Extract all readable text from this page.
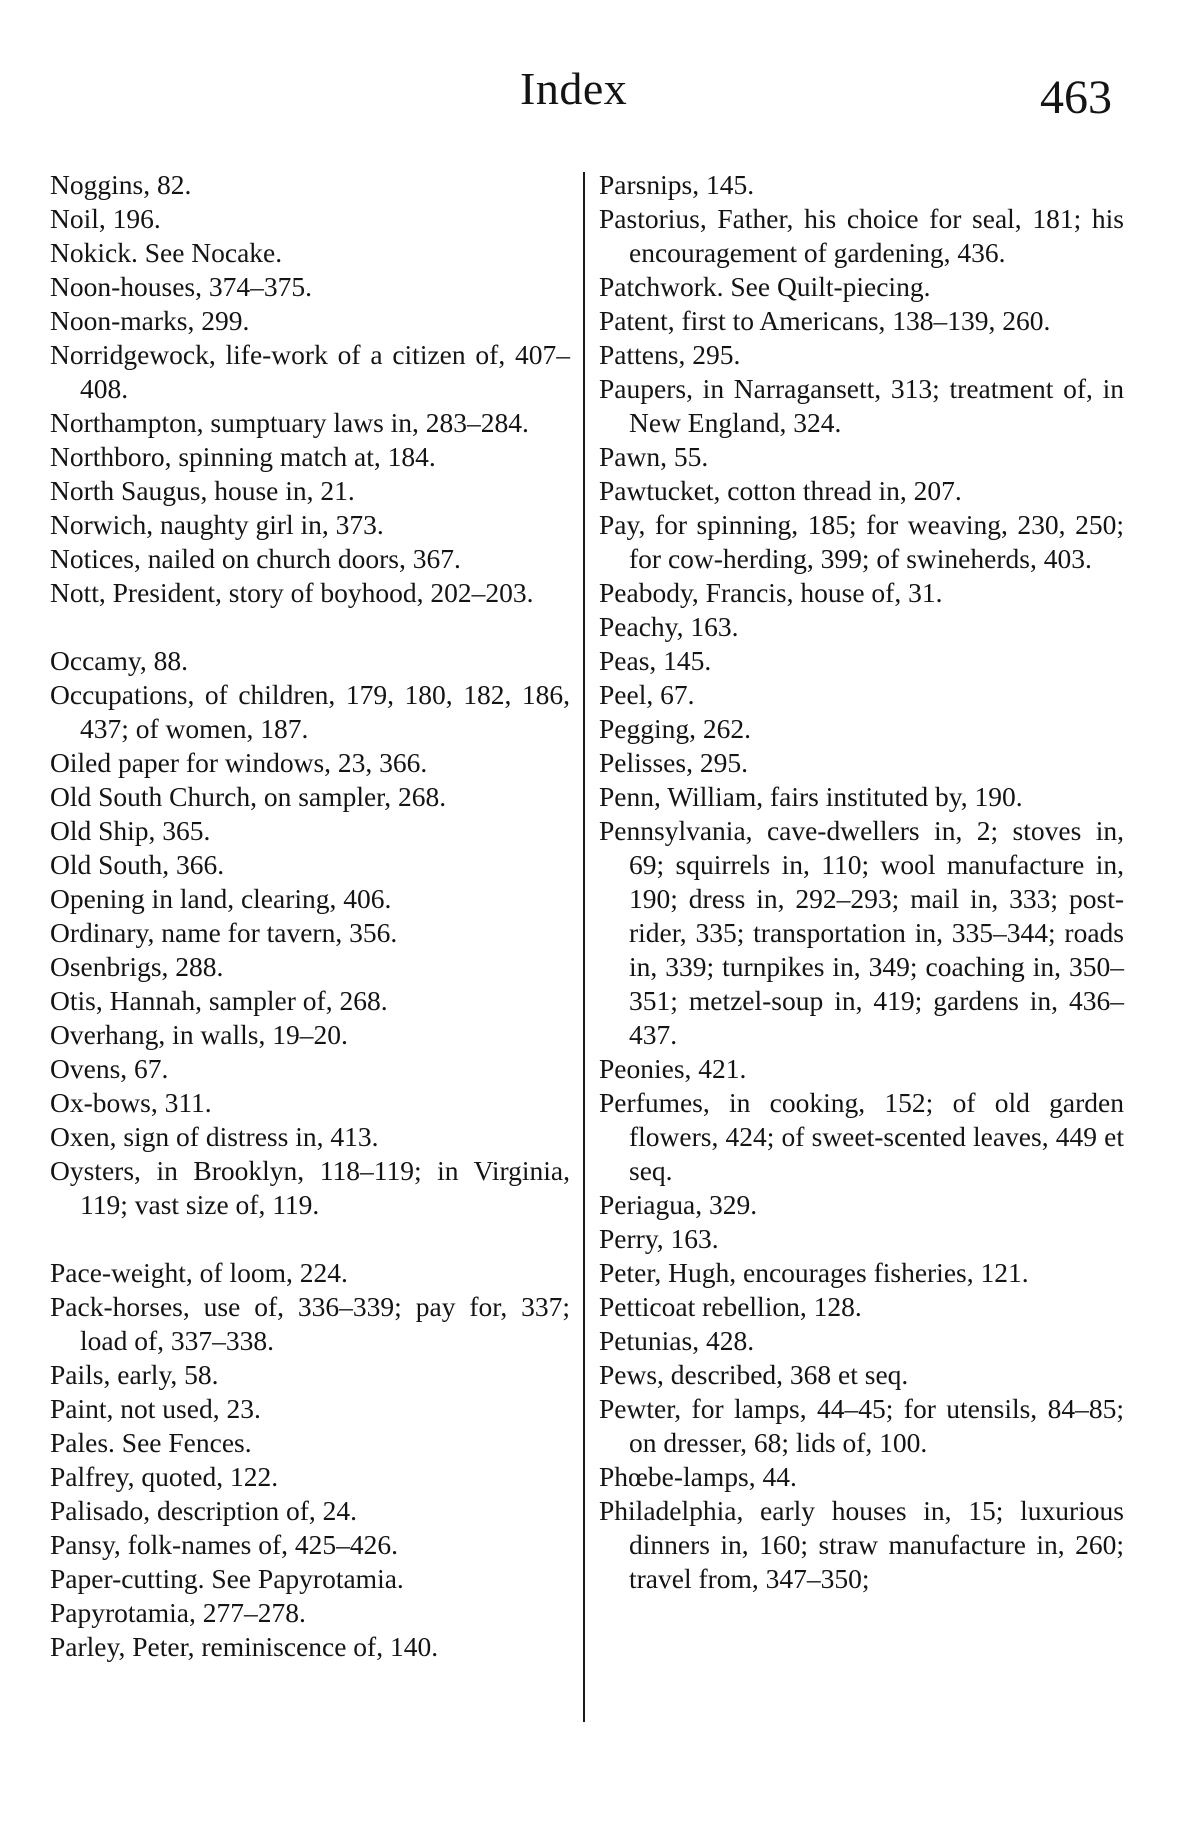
Index	463
Noggins, 82.
Noil, 196.
Nokick. See Nocake.
Noon-houses, 374–375.
Noon-marks, 299.
Norridgewock, life-work of a citizen of, 407–408.
Northampton, sumptuary laws in, 283–284.
Northboro, spinning match at, 184.
North Saugus, house in, 21.
Norwich, naughty girl in, 373.
Notices, nailed on church doors, 367.
Nott, President, story of boyhood, 202–203.
Occamy, 88.
Occupations, of children, 179, 180, 182, 186, 437; of women, 187.
Oiled paper for windows, 23, 366.
Old South Church, on sampler, 268.
Old Ship, 365.
Old South, 366.
Opening in land, clearing, 406.
Ordinary, name for tavern, 356.
Osenbrigs, 288.
Otis, Hannah, sampler of, 268.
Overhang, in walls, 19–20.
Ovens, 67.
Ox-bows, 311.
Oxen, sign of distress in, 413.
Oysters, in Brooklyn, 118–119; in Virginia, 119; vast size of, 119.
Pace-weight, of loom, 224.
Pack-horses, use of, 336–339; pay for, 337; load of, 337–338.
Pails, early, 58.
Paint, not used, 23.
Pales. See Fences.
Palfrey, quoted, 122.
Palisado, description of, 24.
Pansy, folk-names of, 425–426.
Paper-cutting. See Papyrotamia.
Papyrotamia, 277–278.
Parley, Peter, reminiscence of, 140.
Parsnips, 145.
Pastorius, Father, his choice for seal, 181; his encouragement of gardening, 436.
Patchwork. See Quilt-piecing.
Patent, first to Americans, 138–139, 260.
Pattens, 295.
Paupers, in Narragansett, 313; treatment of, in New England, 324.
Pawn, 55.
Pawtucket, cotton thread in, 207.
Pay, for spinning, 185; for weaving, 230, 250; for cow-herding, 399; of swineherds, 403.
Peabody, Francis, house of, 31.
Peachy, 163.
Peas, 145.
Peel, 67.
Pegging, 262.
Pelisses, 295.
Penn, William, fairs instituted by, 190.
Pennsylvania, cave-dwellers in, 2; stoves in, 69; squirrels in, 110; wool manufacture in, 190; dress in, 292–293; mail in, 333; post-rider, 335; transportation in, 335–344; roads in, 339; turnpikes in, 349; coaching in, 350–351; metzel-soup in, 419; gardens in, 436–437.
Peonies, 421.
Perfumes, in cooking, 152; of old garden flowers, 424; of sweet-scented leaves, 449 et seq.
Periagua, 329.
Perry, 163.
Peter, Hugh, encourages fisheries, 121.
Petticoat rebellion, 128.
Petunias, 428.
Pews, described, 368 et seq.
Pewter, for lamps, 44–45; for utensils, 84–85; on dresser, 68; lids of, 100.
Phœbe-lamps, 44.
Philadelphia, early houses in, 15; luxurious dinners in, 160; straw manufacture in, 260; travel from, 347–350;
